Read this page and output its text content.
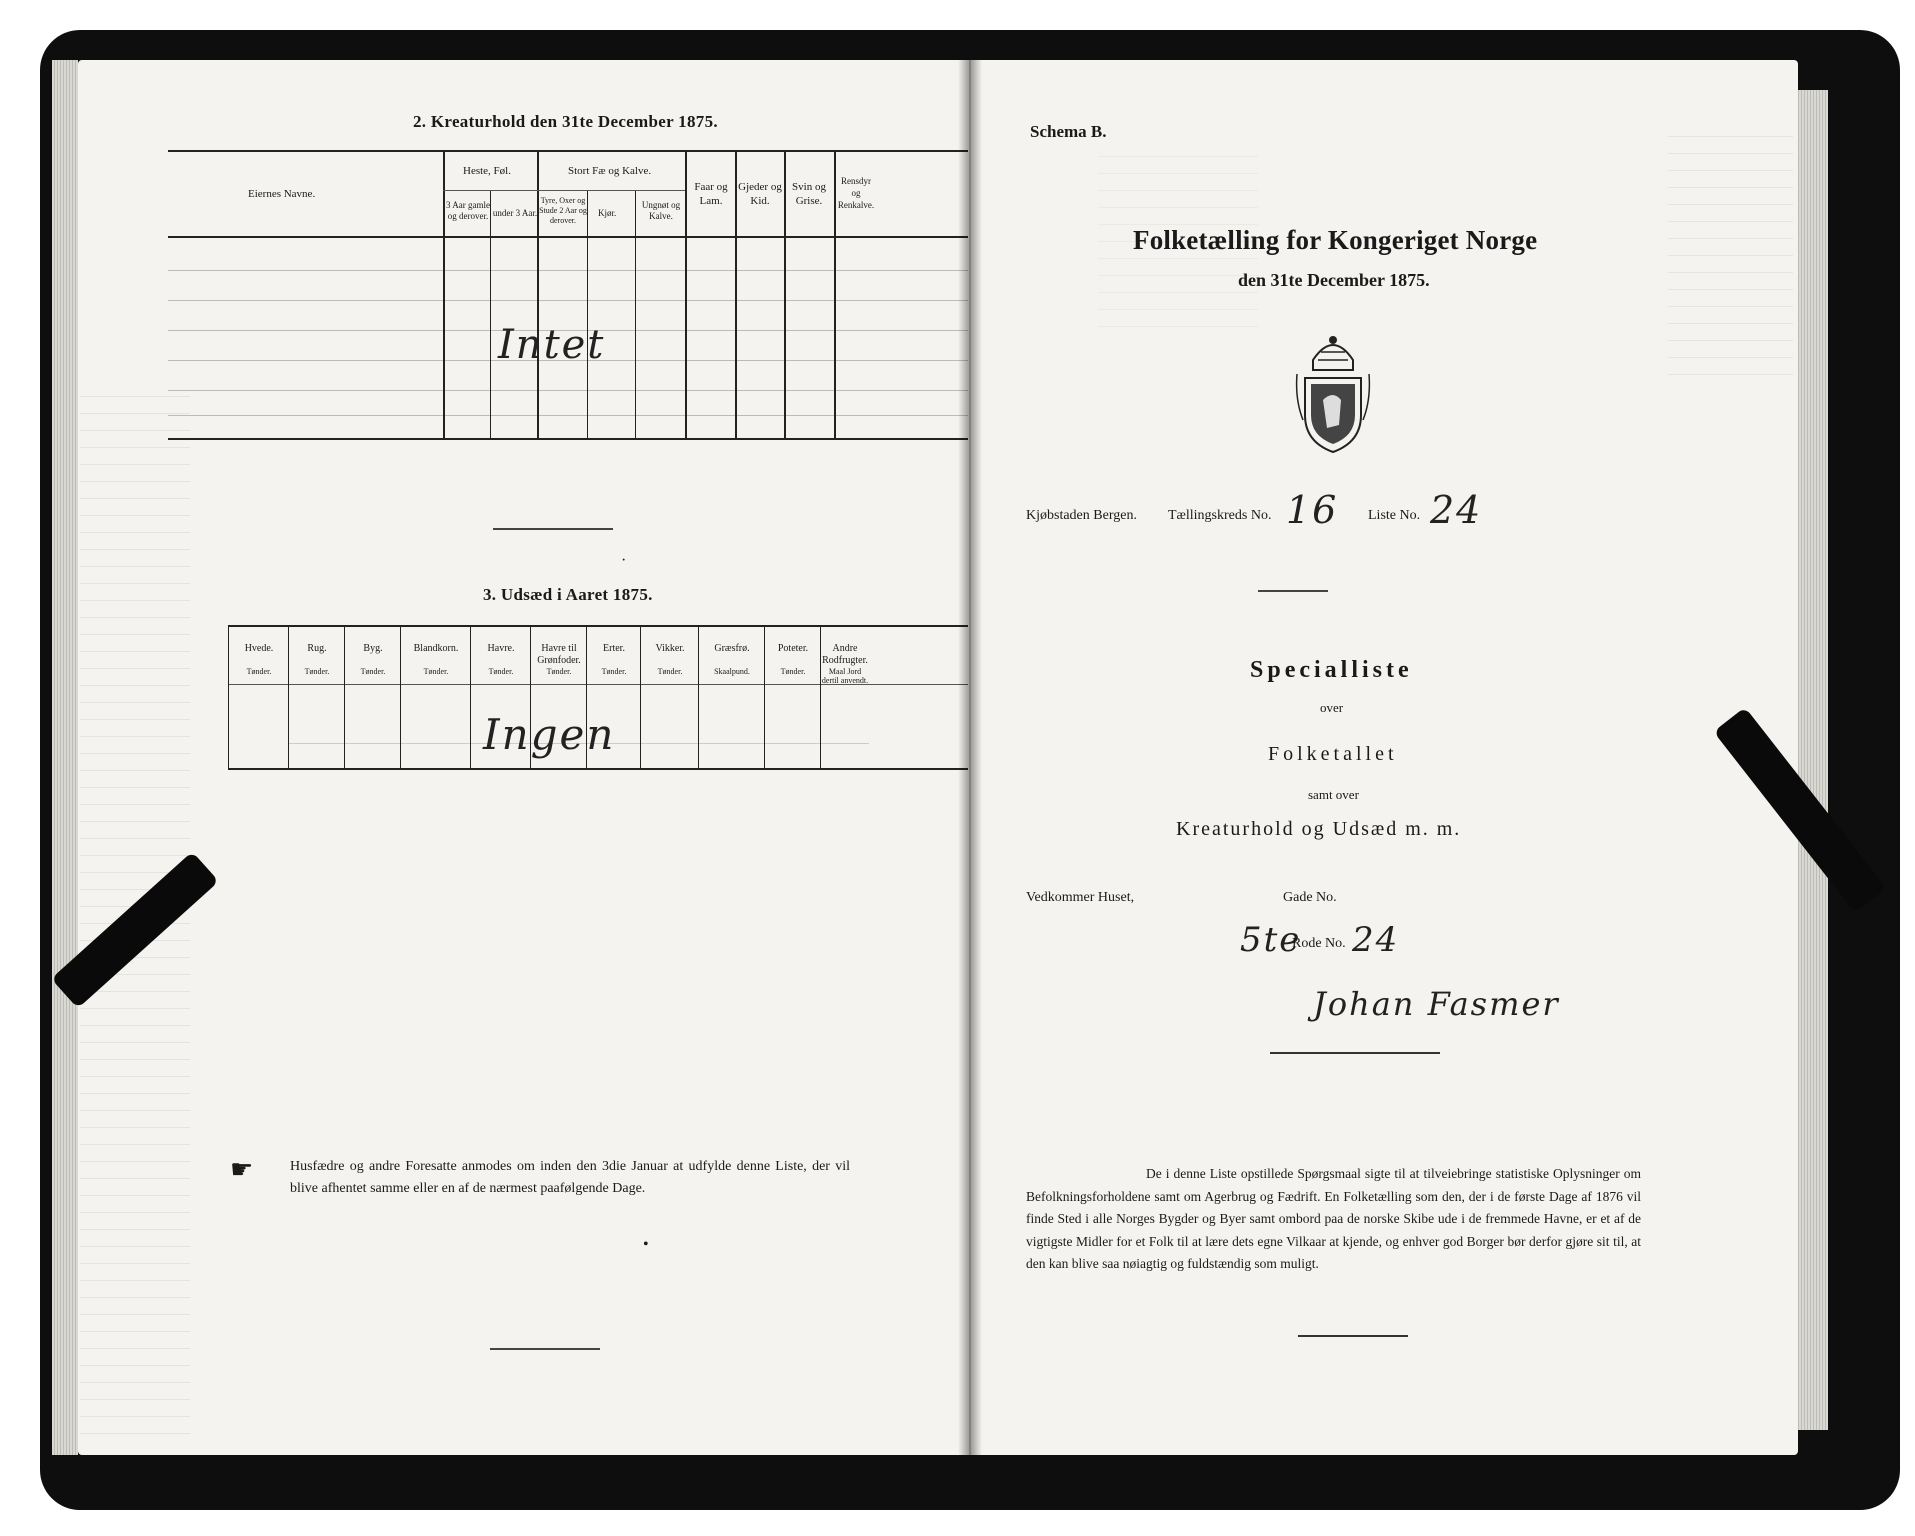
2. Kreaturhold den 31te December 1875.
Eiernes Navne.
Heste, Føl.
3 Aar gamle og derover. under 3 Aar.
Stort Fæ og Kalve.
Tyre, Oxer og Stude 2 Aar og derover.
Kjør.
Ungnøt og Kalve.
Faar og Lam.
Gjeder og Kid.
Svin og Grise.
Rensdyr og Renkalve.
Intet
·
3. Udsæd i Aaret 1875.
Hvede.
Tønder.
Rug.
Tønder.
Byg.
Tønder.
Blandkorn.
Tønder.
Havre.
Tønder.
Havre til Grønfoder.
Tønder.
Erter.
Tønder.
Vikker.
Tønder.
Græsfrø.
Skaalpund.
Poteter.
Tønder.
Andre Rodfrugter.
Maal Jord dertil anvendt.
Ingen
☛	Husfædre og andre Foresatte anmodes om inden den 3die Januar at udfylde denne Liste, der vil blive afhentet samme eller en af de nærmest paafølgende Dage.
•
Schema B.
Folketælling for Kongeriget Norge
den 31te December 1875.
Kjøbstaden Bergen. Tællingskreds No. 16 Liste No. 24
Specialliste
over
Folketallet
samt over
Kreaturhold og Udsæd m. m.
Vedkommer Huset,	Gade No.
5te
Rode No. 24
Johan Fasmer
De i denne Liste opstillede Spørgsmaal sigte til at tilveiebringe statistiske Oplysninger om Befolkningsforholdene samt om Agerbrug og Fædrift. En Folketælling som den, der i de første Dage af 1876 vil finde Sted i alle Norges Bygder og Byer samt ombord paa de norske Skibe ude i de fremmede Havne, er et af de vigtigste Midler for et Folk til at lære dets egne Vilkaar at kjende, og enhver god Borger bør derfor gjøre sit til, at den kan blive saa nøiagtig og fuldstændig som muligt.
